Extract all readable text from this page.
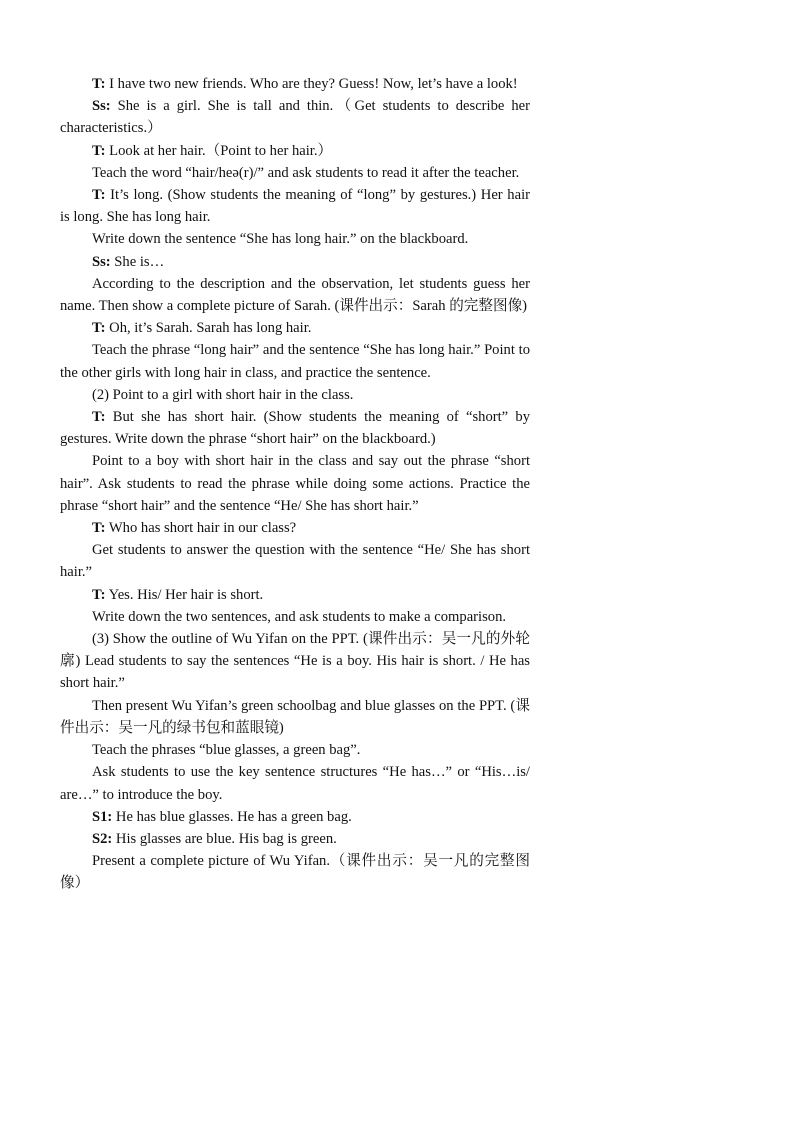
T: I have two new friends. Who are they? Guess! Now, let’s have a look!

Ss: She is a girl. She is tall and thin.（Get students to describe her characteristics.）

T: Look at her hair.（Point to her hair.）

Teach the word “hair/heə(r)/” and ask students to read it after the teacher.

T: It’s long. (Show students the meaning of “long” by gestures.) Her hair is long. She has long hair.

Write down the sentence “She has long hair.” on the blackboard.

Ss: She is…

According to the description and the observation, let students guess her name. Then show a complete picture of Sarah. (课件出示：Sarah 的完整图像)

T: Oh, it’s Sarah. Sarah has long hair.

Teach the phrase “long hair” and the sentence “She has long hair.” Point to the other girls with long hair in class, and practice the sentence.

(2) Point to a girl with short hair in the class.

T: But she has short hair. (Show students the meaning of “short” by gestures. Write down the phrase “short hair” on the blackboard.)

Point to a boy with short hair in the class and say out the phrase “short hair”. Ask students to read the phrase while doing some actions. Practice the phrase “short hair” and the sentence “He/ She has short hair.”

T: Who has short hair in our class?

Get students to answer the question with the sentence “He/ She has short hair.”

T: Yes. His/ Her hair is short.

Write down the two sentences, and ask students to make a comparison.

(3) Show the outline of Wu Yifan on the PPT. (课件出示：吴一凡的外轮廓) Lead students to say the sentences “He is a boy. His hair is short. / He has short hair.”

Then present Wu Yifan’s green schoolbag and blue glasses on the PPT. (课件出示：吴一凡的绿书包和蓝眼镜)

Teach the phrases “blue glasses, a green bag”.

Ask students to use the key sentence structures “He has…” or “His…is/ are…” to introduce the boy.

S1: He has blue glasses. He has a green bag.

S2: His glasses are blue. His bag is green.

Present a complete picture of Wu Yifan.（课件出示：吴一凡的完整图像）
